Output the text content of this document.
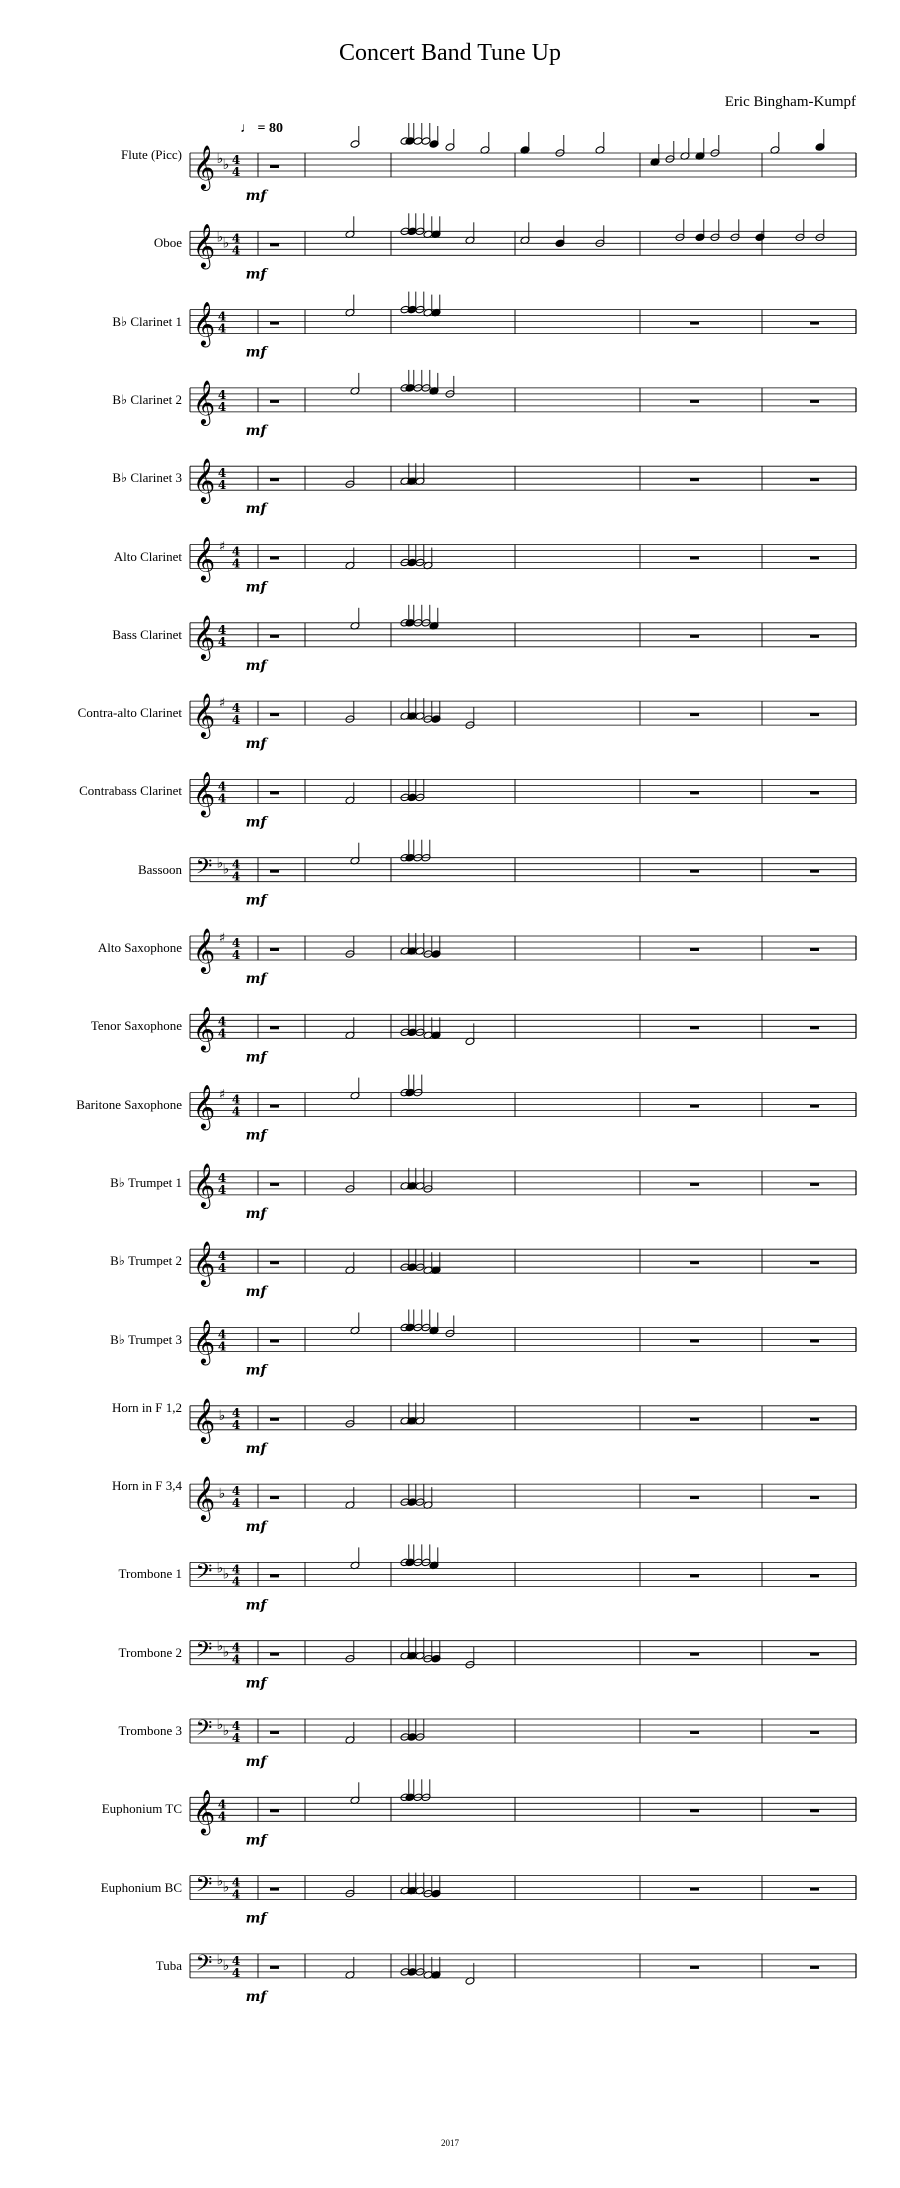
Concert Band Tune Up
Eric Bingham-Kumpf
♩ = 80
Flute (Picc)
Oboe
B♭ Clarinet 1
B♭ Clarinet 2
B♭ Clarinet 3
Alto Clarinet
Bass Clarinet
Contra-alto Clarinet
Contrabass Clarinet
Bassoon
Alto Saxophone
Tenor Saxophone
Baritone Saxophone
B♭ Trumpet 1
B♭ Trumpet 2
B♭ Trumpet 3
Horn in F 1,2
Horn in F 3,4
Trombone 1
Trombone 2
Trombone 3
Euphonium TC
Euphonium BC
Tuba
𝄞 ♭ ♭ 4
4
mf
𝄞 ♭ ♭ 4
4
mf
𝄞 4
4
mf
𝄞 4
4
mf
𝄞 4
4
mf
𝄞 ♯ 4
4
mf
𝄞 4
4
mf
𝄞 ♯ 4
4
mf
𝄞 4
4
mf
𝄢 ♭ ♭ 4
4
mf
𝄞 ♯ 4
4
mf
𝄞 4
4
mf
𝄞 ♯ 4
4
mf
𝄞 4
4
mf
𝄞 4
4
mf
𝄞 4
4
mf
𝄞 ♭ 4
4
mf
𝄞 ♭ 4
4
mf
𝄢 ♭ ♭ 4
4
mf
𝄢 ♭ ♭ 4
4
mf
𝄢 ♭ ♭ 4
4
mf
𝄞 4
4
mf
𝄢 ♭ ♭ 4
4
mf
𝄢 ♭ ♭ 4
4
mf
2017
